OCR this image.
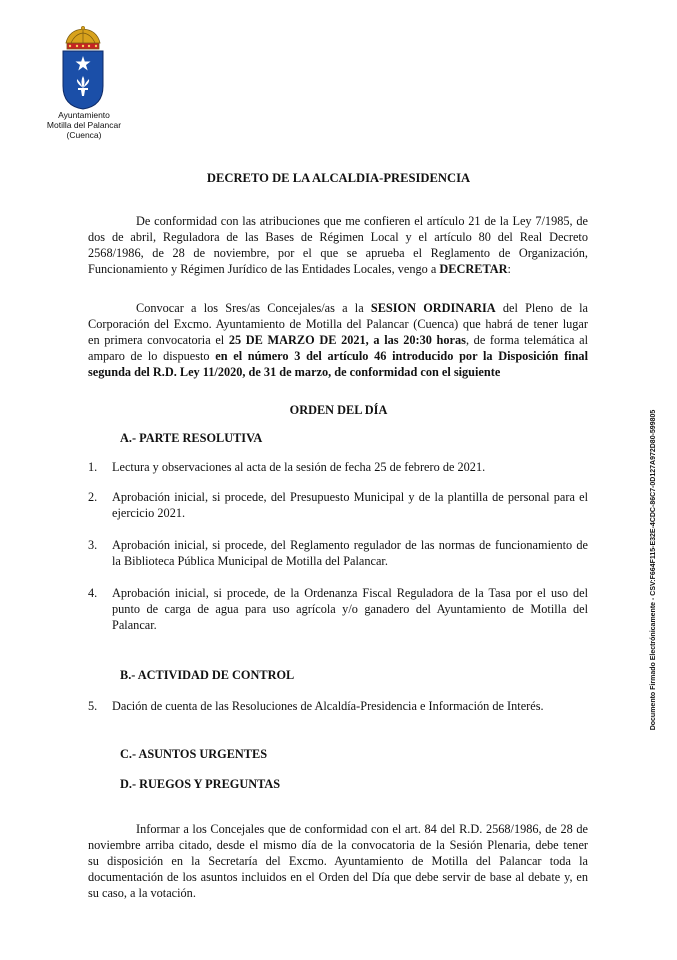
Ayuntamiento
Motilla del Palancar
(Cuenca)
DECRETO DE LA ALCALDIA-PRESIDENCIA
De conformidad con las atribuciones que me confieren el artículo 21 de la Ley 7/1985, de
dos de abril, Reguladora de las Bases de Régimen Local y el artículo 80 del Real Decreto
2568/1986, de 28 de noviembre, por el que se aprueba el Reglamento de Organización,
Funcionamiento y Régimen Jurídico de las Entidades Locales, vengo a DECRETAR:
Convocar a los Sres/as Concejales/as a la SESION ORDINARIA del Pleno de la
Corporación del Excmo. Ayuntamiento de Motilla del Palancar (Cuenca) que habrá de tener lugar
en primera convocatoria el 25 DE MARZO DE 2021, a las 20:30 horas, de forma telemática al
amparo de lo dispuesto en el número 3 del artículo 46 introducido por la Disposición final
segunda del R.D. Ley 11/2020, de 31 de marzo, de conformidad con el siguiente
ORDEN DEL DÍA
A.- PARTE RESOLUTIVA
1. Lectura y observaciones al acta de la sesión de fecha 25 de febrero de 2021.
2. Aprobación inicial, si procede, del Presupuesto Municipal y de la plantilla de personal para el
ejercicio 2021.
3. Aprobación inicial, si procede, del Reglamento regulador de las normas de funcionamiento de
la Biblioteca Pública Municipal de Motilla del Palancar.
4. Aprobación inicial, si procede, de la Ordenanza Fiscal Reguladora de la Tasa por el uso del
punto de carga de agua para uso agrícola y/o ganadero del Ayuntamiento de Motilla del
Palancar.
B.- ACTIVIDAD DE CONTROL
5. Dación de cuenta de las Resoluciones de Alcaldía-Presidencia e Información de Interés.
C.- ASUNTOS URGENTES
D.- RUEGOS Y PREGUNTAS
Informar a los Concejales que de conformidad con el art. 84 del R.D. 2568/1986, de 28 de
noviembre arriba citado, desde el mismo día de la convocatoria de la Sesión Plenaria, debe tener
su disposición en la Secretaría del Excmo. Ayuntamiento de Motilla del Palancar toda la
documentación de los asuntos incluidos en el Orden del Día que debe servir de base al debate y, en
su caso, a la votación.
Documento Firmado Electrónicamente - CSV:F664F115-E32E-4CDC-86C7-0D127A972D80-599805
